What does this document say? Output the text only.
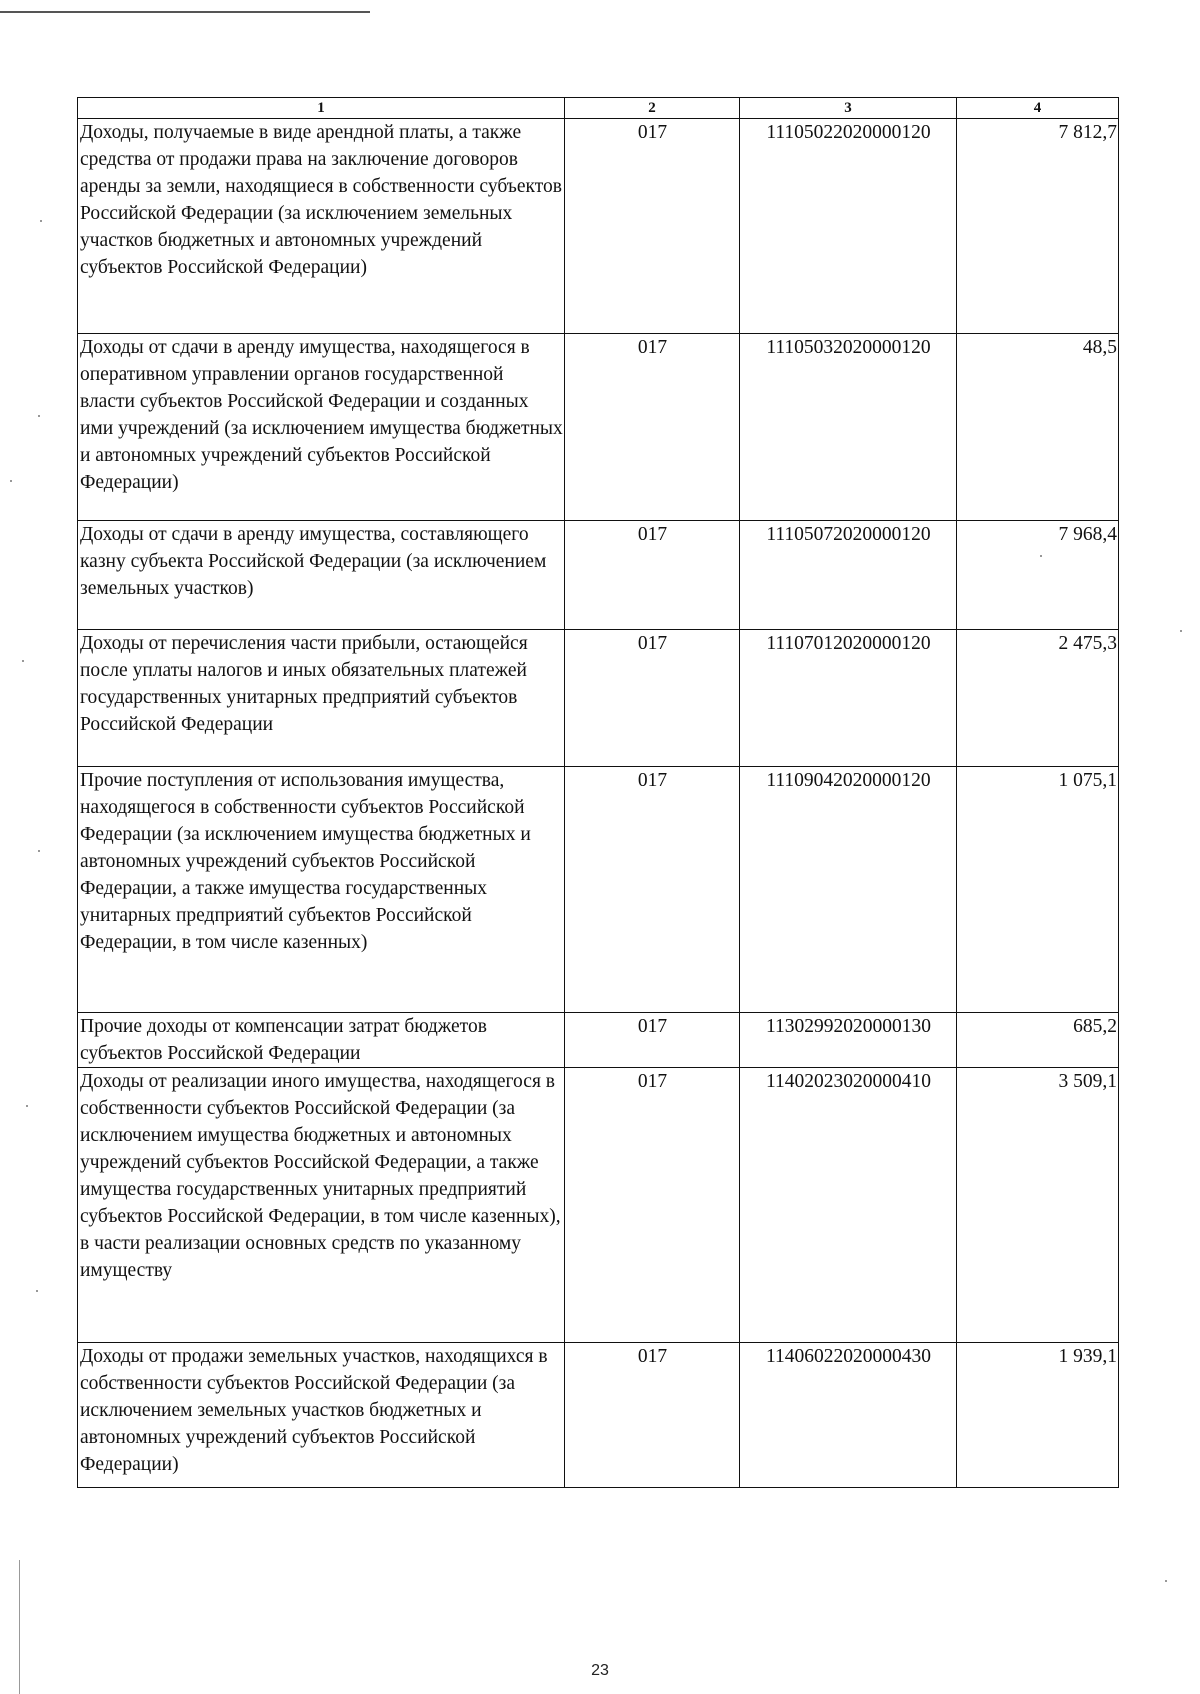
1	2	3	4
Доходы, получаемые в виде арендной платы, а также средства от продажи права на заключение договоров аренды за земли, находящиеся в собственности субъектов Российской Федерации (за исключением земельных участков бюджетных и автономных учреждений субъектов Российской Федерации)	017	11105022020000120	7 812,7
Доходы от сдачи в аренду имущества, находящегося в оперативном управлении органов государственной власти субъектов Российской Федерации и созданных ими учреждений (за исключением имущества бюджетных и автономных учреждений субъектов Российской Федерации)	017	11105032020000120	48,5
Доходы от сдачи в аренду имущества, составляющего казну субъекта Российской Федерации (за исключением земельных участков)	017	11105072020000120	7 968,4
Доходы от перечисления части прибыли, остающейся после уплаты налогов и иных обязательных платежей государственных унитарных предприятий субъектов Российской Федерации	017	11107012020000120	2 475,3
Прочие поступления от использования имущества, находящегося в собственности субъектов Российской Федерации (за исключением имущества бюджетных и автономных учреждений субъектов Российской Федерации, а также имущества государственных унитарных предприятий субъектов Российской Федерации, в том числе казенных)	017	11109042020000120	1 075,1
Прочие доходы от компенсации затрат бюджетов субъектов Российской Федерации	017	11302992020000130	685,2
Доходы от реализации иного имущества, находящегося в собственности субъектов Российской Федерации (за исключением имущества бюджетных и автономных учреждений субъектов Российской Федерации, а также имущества государственных унитарных предприятий субъектов Российской Федерации, в том числе казенных), в части реализации основных средств по указанному имуществу	017	11402023020000410	3 509,1
Доходы от продажи земельных участков, находящихся в собственности субъектов Российской Федерации (за исключением земельных участков бюджетных и автономных учреждений субъектов Российской Федерации)	017	11406022020000430	1 939,1
23
